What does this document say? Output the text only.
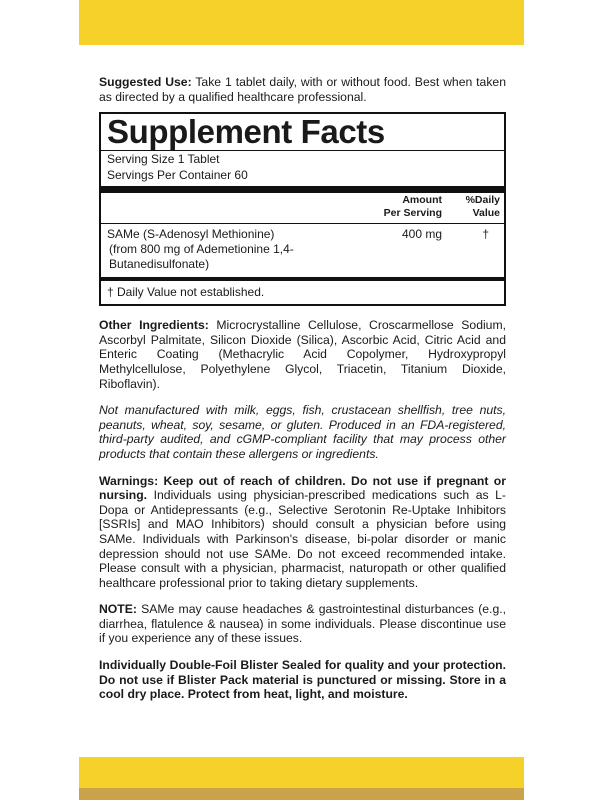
Suggested Use: Take 1 tablet daily, with or without food. Best when taken as directed by a qualified healthcare professional.

Supplement Facts
Serving Size 1 Tablet
Servings Per Container 60
Amount
Per Serving
%Daily
Value
SAMe (S-Adenosyl Methionine)
(from 800 mg of Ademetionine 1,4-Butanedisulfonate)
400 mg	†
† Daily Value not established.

Other Ingredients: Microcrystalline Cellulose, Croscarmellose Sodium, Ascorbyl Palmitate, Silicon Dioxide (Silica), Ascorbic Acid, Citric Acid and Enteric Coating (Methacrylic Acid Copolymer, Hydroxypropyl Methylcellulose, Polyethylene Glycol, Triacetin, Titanium Dioxide, Riboflavin).

Not manufactured with milk, eggs, fish, crustacean shellfish, tree nuts, peanuts, wheat, soy, sesame, or gluten. Produced in an FDA-registered, third-party audited, and cGMP-compliant facility that may process other products that contain these allergens or ingredients.

Warnings: Keep out of reach of children. Do not use if pregnant or nursing. Individuals using physician-prescribed medications such as L-Dopa or Antidepressants (e.g., Selective Serotonin Re-Uptake Inhibitors [SSRIs] and MAO Inhibitors) should consult a physician before using SAMe. Individuals with Parkinson's disease, bi-polar disorder or manic depression should not use SAMe. Do not exceed recommended intake. Please consult with a physician, pharmacist, naturopath or other qualified healthcare professional prior to taking dietary supplements.

NOTE: SAMe may cause headaches & gastrointestinal disturbances (e.g., diarrhea, flatulence & nausea) in some individuals. Please discontinue use if you experience any of these issues.

Individually Double-Foil Blister Sealed for quality and your protection. Do not use if Blister Pack material is punctured or missing. Store in a cool dry place. Protect from heat, light, and moisture.
